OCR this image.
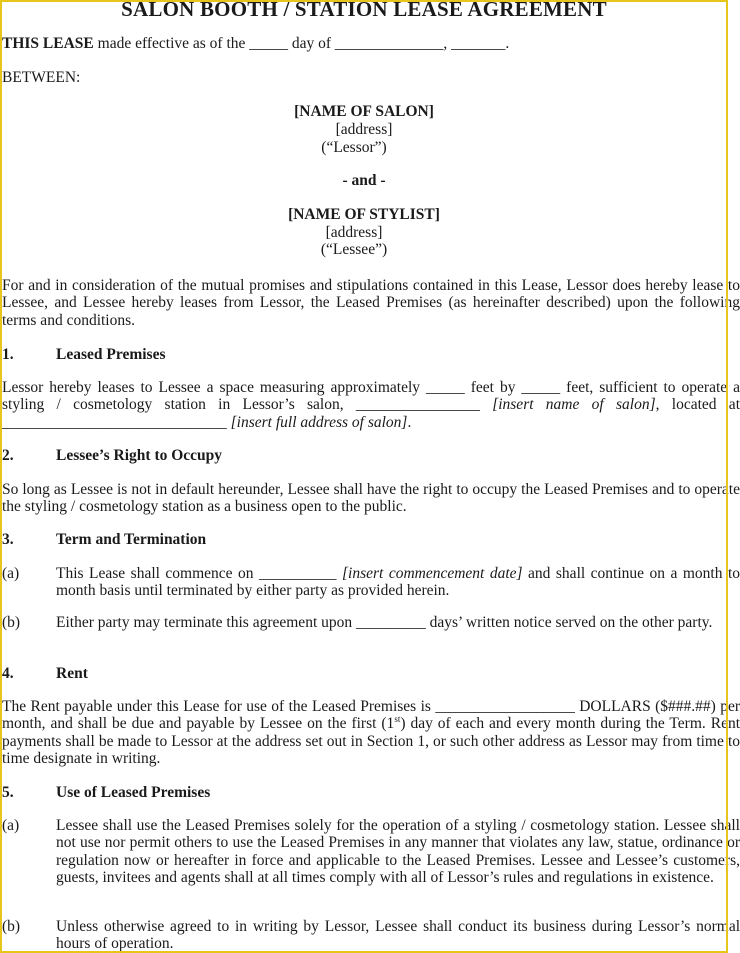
SALON BOOTH / STATION LEASE AGREEMENT
THIS LEASE made effective as of the _____ day of ______________, _______.
BETWEEN:
[NAME OF SALON]
[address]
(“Lessor”)
- and -
[NAME OF STYLIST]
[address]
(“Lessee”)
For and in consideration of the mutual promises and stipulations contained in this Lease, Lessor does hereby lease to Lessee, and Lessee hereby leases from Lessor, the Leased Premises (as hereinafter described) upon the following terms and conditions.
1.	Leased Premises
Lessor hereby leases to Lessee a space measuring approximately _____ feet by _____ feet, sufficient to operate a styling / cosmetology station in Lessor’s salon, ________________ [insert name of salon], located at _____________________________ [insert full address of salon].
2.	Lessee’s Right to Occupy
So long as Lessee is not in default hereunder, Lessee shall have the right to occupy the Leased Premises and to operate the styling / cosmetology station as a business open to the public.
3.	Term and Termination
(a) This Lease shall commence on __________ [insert commencement date] and shall continue on a month to month basis until terminated by either party as provided herein.
(b) Either party may terminate this agreement upon _________ days’ written notice served on the other party.
4.	Rent
The Rent payable under this Lease for use of the Leased Premises is __________________ DOLLARS ($###.##) per month, and shall be due and payable by Lessee on the first (1st) day of each and every month during the Term. Rent payments shall be made to Lessor at the address set out in Section 1, or such other address as Lessor may from time to time designate in writing.
5.	Use of Leased Premises
(a) Lessee shall use the Leased Premises solely for the operation of a styling / cosmetology station. Lessee shall not use nor permit others to use the Leased Premises in any manner that violates any law, statue, ordinance or regulation now or hereafter in force and applicable to the Leased Premises. Lessee and Lessee’s customers, guests, invitees and agents shall at all times comply with all of Lessor’s rules and regulations in existence.
(b) Unless otherwise agreed to in writing by Lessor, Lessee shall conduct its business during Lessor’s normal hours of operation.
